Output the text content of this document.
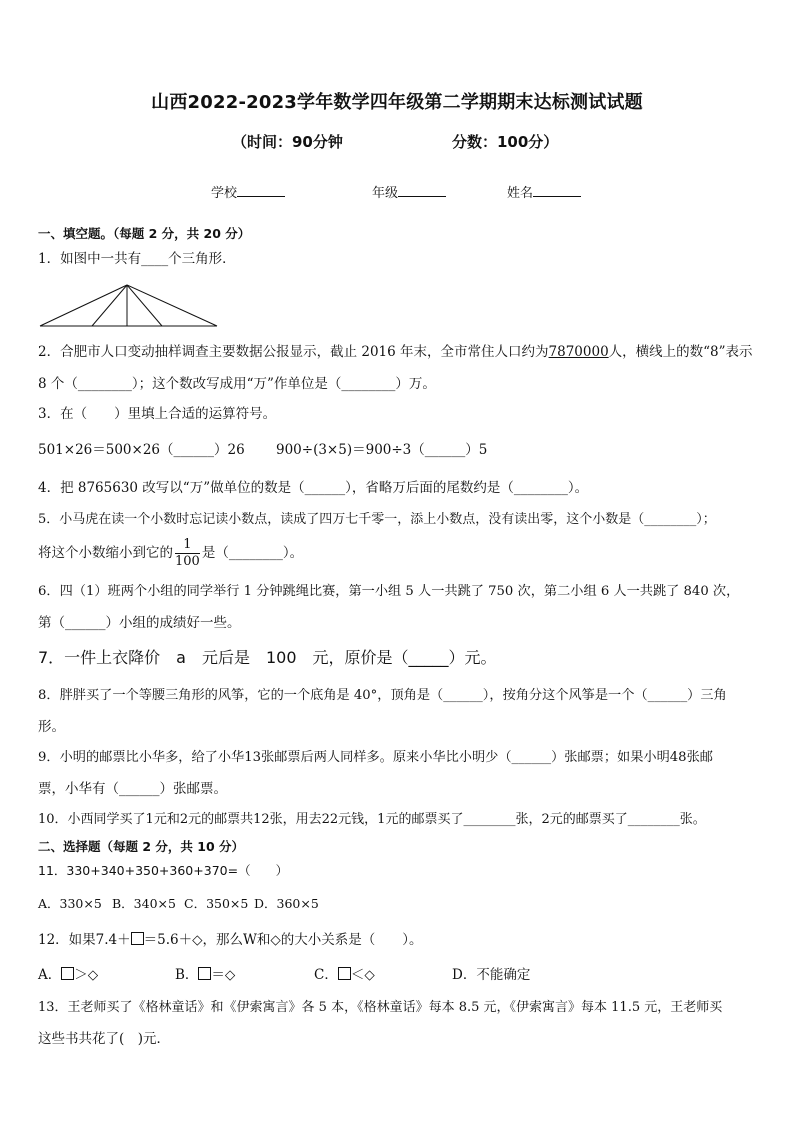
山西2022-2023学年数学四年级第二学期期末达标测试试题
（时间：90分钟	分数：100分）
学校	年级	姓名
一、填空题。（每题 2 分，共 20 分）
1．如图中一共有____个三角形．
2．合肥市人口变动抽样调查主要数据公报显示，截止 2016 年末，全市常住人口约为7870000人，横线上的数“8”表示
8 个（________）；这个数改写成用“万”作单位是（________）万。
3．在（　　）里填上合适的运算符号。
501×26＝500×26（______）26 900÷(3×5)＝900÷3（______）5
4．把 8765630 改写以“万”做单位的数是（______），省略万后面的尾数约是（________）。
5．小马虎在读一个小数时忘记读小数点，读成了四万七千零一，添上小数点，没有读出零，这个小数是（________）；
将这个小数缩小到它的 $\frac{1}{100}$ 是（________）。
6．四（1）班两个小组的同学举行 1 分钟跳绳比赛，第一小组 5 人一共跳了 750 次，第二小组 6 人一共跳了 840 次，
第（______）小组的成绩好一些。
7．一件上衣降价　a　元后是　100　元，原价是（_____）元。
8．胖胖买了一个等腰三角形的风筝，它的一个底角是 40°，顶角是（______），按角分这个风筝是一个（______）三角
形。
9．小明的邮票比小华多，给了小华13张邮票后两人同样多。原来小华比小明少（______）张邮票；如果小明48张邮
票，小华有（______）张邮票。
10．小西同学买了1元和2元的邮票共12张，用去22元钱，1元的邮票买了________张，2元的邮票买了________张。
二、选择题（每题 2 分，共 10 分）
11．330+340+350+360+370=（　　）
A．330×5 B．340×5 C．350×5 D．360×5
12．如果7.4＋ ＝5.6＋◇，那么W和◇的大小关系是（　　）。
A． ＞◇	B． ＝◇	C． ＜◇	D．不能确定
13．王老师买了《格林童话》和《伊索寓言》各 5 本，《格林童话》每本 8.5 元，《伊索寓言》每本 11.5 元，王老师买
这些书共花了(　)元．
